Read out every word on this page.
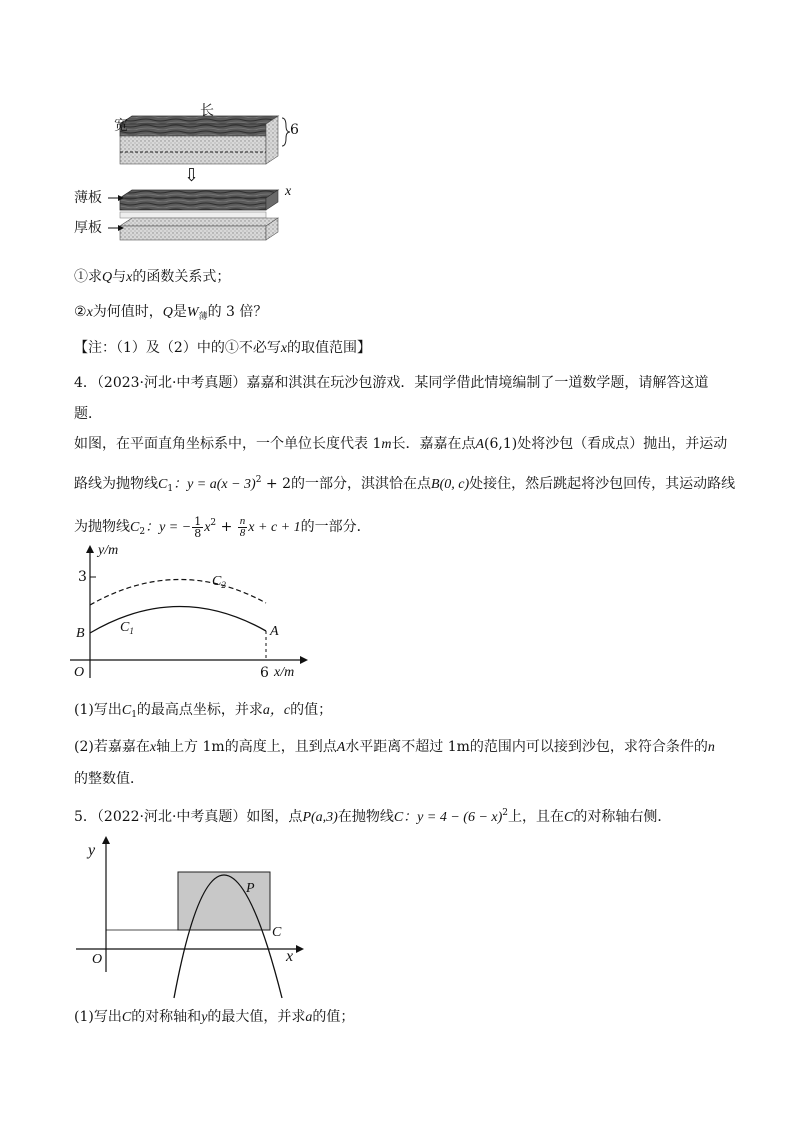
长
宽	6
⇩
x
薄板
厚板
①求Q与x的函数关系式；
②x为何值时，Q是$W_薄$的 3 倍？
【注：（1）及（2）中的①不必写x的取值范围】
4．（2023·河北·中考真题）嘉嘉和淇淇在玩沙包游戏．某同学借此情境编制了一道数学题，请解答这道
题．
如图，在平面直角坐标系中，一个单位长度代表 1m长．嘉嘉在点A(6,1)处将沙包（看成点）抛出，并运动
路线为抛物线$C_1$：$y = a(x - 3)^2 + 2$的一部分，淇淇恰在点B(0, c)处接住，然后跳起将沙包回传，其运动路线
为抛物线$C_2$：y = − $\frac{1}{8} x^2 + \frac{n}{8}$ x + c + 1的一部分．
y/m
3	$C_2$
$C_1$
B	A
O	6 x/m
(1)写出$C_1$的最高点坐标，并求a，c的值；
(2)若嘉嘉在x轴上方 1m的高度上，且到点A水平距离不超过 1m的范围内可以接到沙包，求符合条件的n
的整数值．
5．（2022·河北·中考真题）如图，点P(a,3)在抛物线C：$y = 4 - (6 - x)^2$上，且在C的对称轴右侧．
y
P
C
O	x
(1)写出C的对称轴和y的最大值，并求a的值；
